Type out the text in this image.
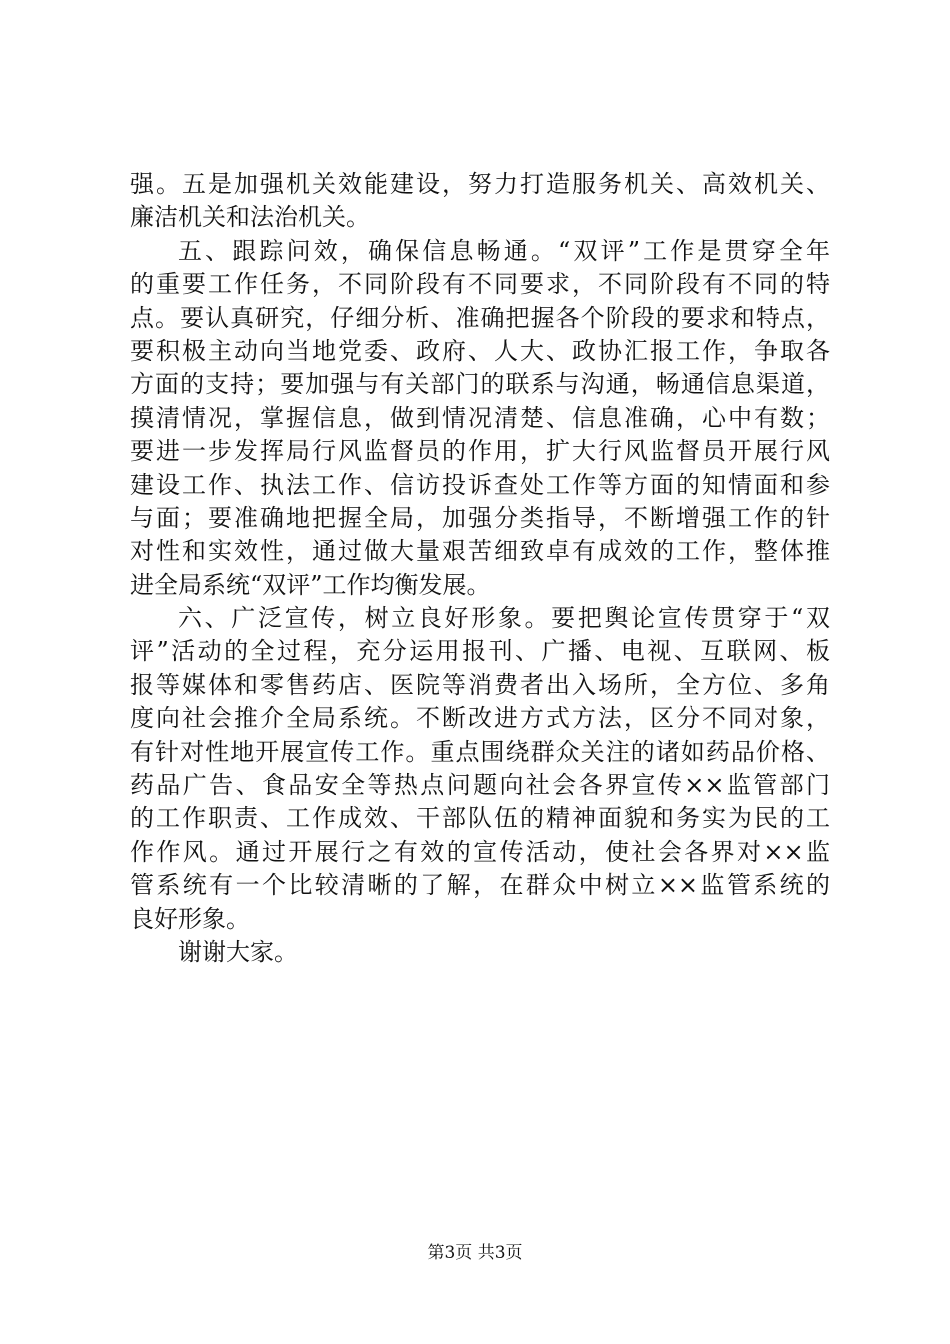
强。五是加强机关效能建设，努力打造服务机关、高效机关、
廉洁机关和法治机关。
五、跟踪问效，确保信息畅通。“双评”工作是贯穿全年
的重要工作任务，不同阶段有不同要求，不同阶段有不同的特
点。要认真研究，仔细分析、准确把握各个阶段的要求和特点，
要积极主动向当地党委、政府、人大、政协汇报工作，争取各
方面的支持；要加强与有关部门的联系与沟通，畅通信息渠道，
摸清情况，掌握信息，做到情况清楚、信息准确，心中有数；
要进一步发挥局行风监督员的作用，扩大行风监督员开展行风
建设工作、执法工作、信访投诉查处工作等方面的知情面和参
与面；要准确地把握全局，加强分类指导，不断增强工作的针
对性和实效性，通过做大量艰苦细致卓有成效的工作，整体推
进全局系统“双评”工作均衡发展。
六、广泛宣传，树立良好形象。要把舆论宣传贯穿于“双
评”活动的全过程，充分运用报刊、广播、电视、互联网、板
报等媒体和零售药店、医院等消费者出入场所，全方位、多角
度向社会推介全局系统。不断改进方式方法，区分不同对象，
有针对性地开展宣传工作。重点围绕群众关注的诸如药品价格、
药品广告、食品安全等热点问题向社会各界宣传××监管部门
的工作职责、工作成效、干部队伍的精神面貌和务实为民的工
作作风。通过开展行之有效的宣传活动，使社会各界对××监
管系统有一个比较清晰的了解，在群众中树立××监管系统的
良好形象。
谢谢大家。
第3页 共3页
